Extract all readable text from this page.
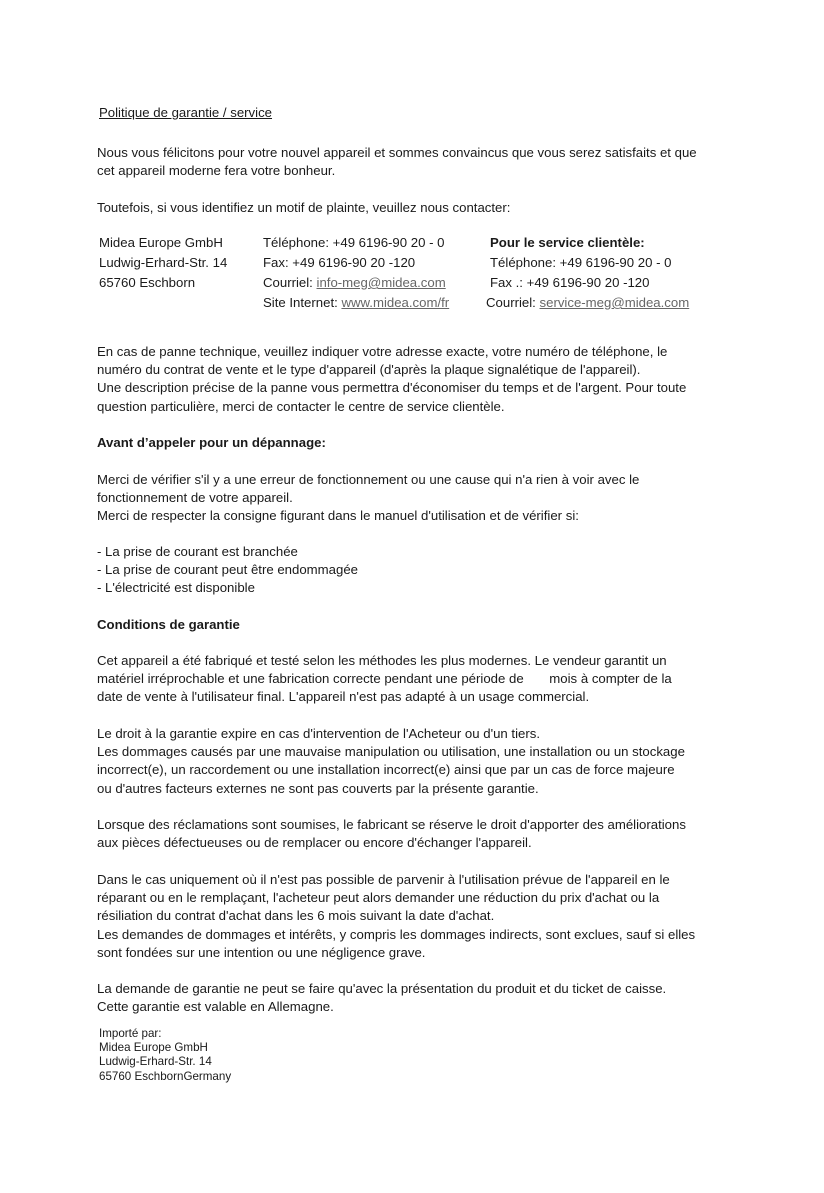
Politique de garantie / service
Nous vous félicitons pour votre nouvel appareil et sommes convaincus que vous serez satisfaits et que
cet appareil moderne fera votre bonheur.
Toutefois, si vous identifiez un motif de plainte, veuillez nous contacter:
Midea Europe GmbH
Ludwig-Erhard-Str. 14
65760 Eschborn
Téléphone: +49 6196-90 20 - 0
Fax: +49 6196-90 20 -120
Courriel: info-meg@midea.com
Site Internet: www.midea.com/fr
Pour le service clientèle:
Téléphone: +49 6196-90 20 - 0
Fax .: +49 6196-90 20 -120
Courriel: service-meg@midea.com
En cas de panne technique, veuillez indiquer votre adresse exacte, votre numéro de téléphone, le
numéro du contrat de vente et le type d'appareil (d'après la plaque signalétique de l'appareil).
Une description précise de la panne vous permettra d'économiser du temps et de l'argent. Pour toute
question particulière, merci de contacter le centre de service clientèle.
Avant d’appeler pour un dépannage:
Merci de vérifier s'il y a une erreur de fonctionnement ou une cause qui n'a rien à voir avec le
fonctionnement de votre appareil.
Merci de respecter la consigne figurant dans le manuel d'utilisation et de vérifier si:
- La prise de courant est branchée
- La prise de courant peut être endommagée
- L'électricité est disponible
Conditions de garantie
Cet appareil a été fabriqué et testé selon les méthodes les plus modernes. Le vendeur garantit un
matériel irréprochable et une fabrication correcte pendant une période de       mois à compter de la
date de vente à l'utilisateur final. L'appareil n'est pas adapté à un usage commercial.
Le droit à la garantie expire en cas d'intervention de l'Acheteur ou d'un tiers.
Les dommages causés par une mauvaise manipulation ou utilisation, une installation ou un stockage
incorrect(e), un raccordement ou une installation incorrect(e) ainsi que par un cas de force majeure
ou d'autres facteurs externes ne sont pas couverts par la présente garantie.
Lorsque des réclamations sont soumises, le fabricant se réserve le droit d'apporter des améliorations
aux pièces défectueuses ou de remplacer ou encore d'échanger l'appareil.
Dans le cas uniquement où il n'est pas possible de parvenir à l'utilisation prévue de l'appareil en le
réparant ou en le remplaçant, l'acheteur peut alors demander une réduction du prix d'achat ou la
résiliation du contrat d'achat dans les 6 mois suivant la date d'achat.
Les demandes de dommages et intérêts, y compris les dommages indirects, sont exclues, sauf si elles
sont fondées sur une intention ou une négligence grave.
La demande de garantie ne peut se faire qu'avec la présentation du produit et du ticket de caisse.
Cette garantie est valable en Allemagne.
Importé par:
Midea Europe GmbH
Ludwig-Erhard-Str. 14
65760 EschbornGermany
